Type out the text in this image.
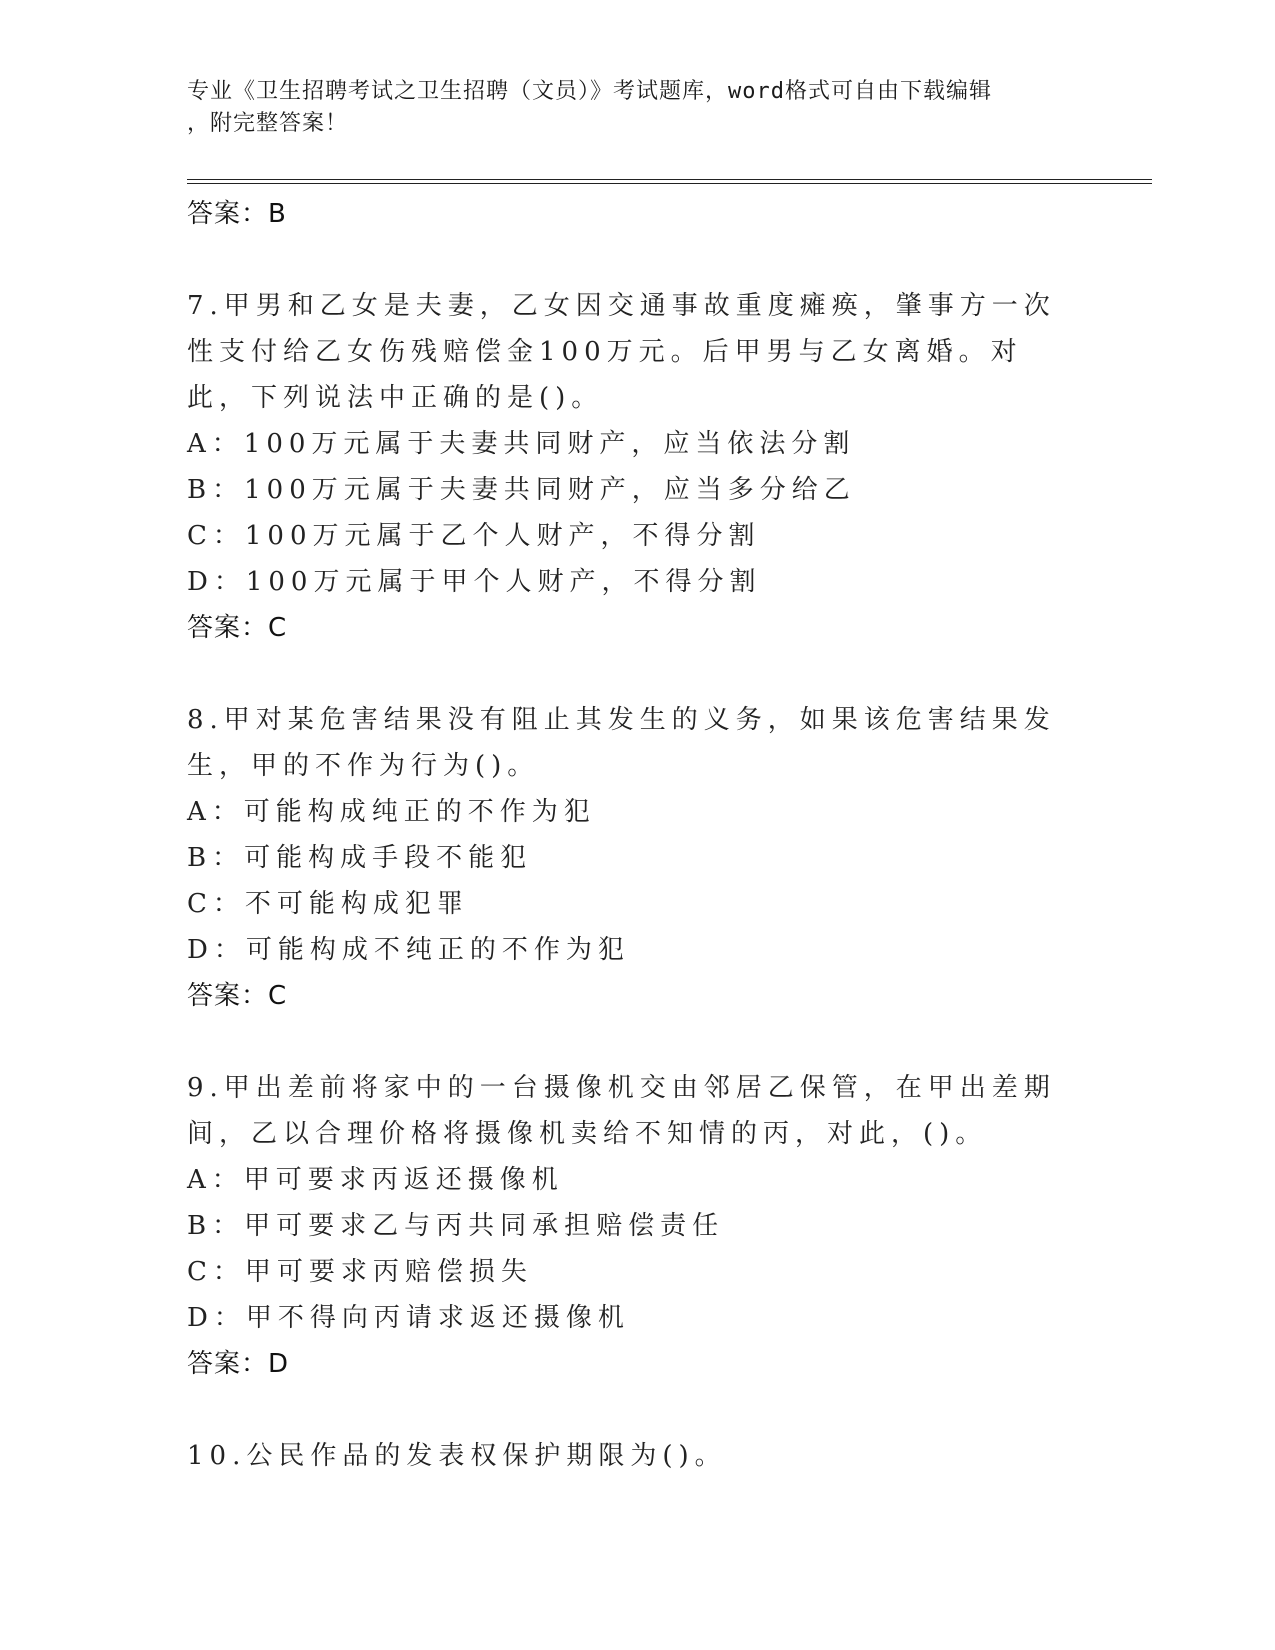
专业《卫生招聘考试之卫生招聘（文员）》考试题库，word格式可自由下载编辑
，附完整答案！
答案：B
7.甲男和乙女是夫妻，乙女因交通事故重度瘫痪，肇事方一次性支付给乙女伤残赔偿金100万元。后甲男与乙女离婚。对此，下列说法中正确的是()。
A：100万元属于夫妻共同财产，应当依法分割
B：100万元属于夫妻共同财产，应当多分给乙
C：100万元属于乙个人财产，不得分割
D：100万元属于甲个人财产，不得分割
答案：C
8.甲对某危害结果没有阻止其发生的义务，如果该危害结果发生，甲的不作为行为()。
A：可能构成纯正的不作为犯
B：可能构成手段不能犯
C：不可能构成犯罪
D：可能构成不纯正的不作为犯
答案：C
9.甲出差前将家中的一台摄像机交由邻居乙保管，在甲出差期间，乙以合理价格将摄像机卖给不知情的丙，对此，()。
A：甲可要求丙返还摄像机
B：甲可要求乙与丙共同承担赔偿责任
C：甲可要求丙赔偿损失
D：甲不得向丙请求返还摄像机
答案：D
10.公民作品的发表权保护期限为()。
